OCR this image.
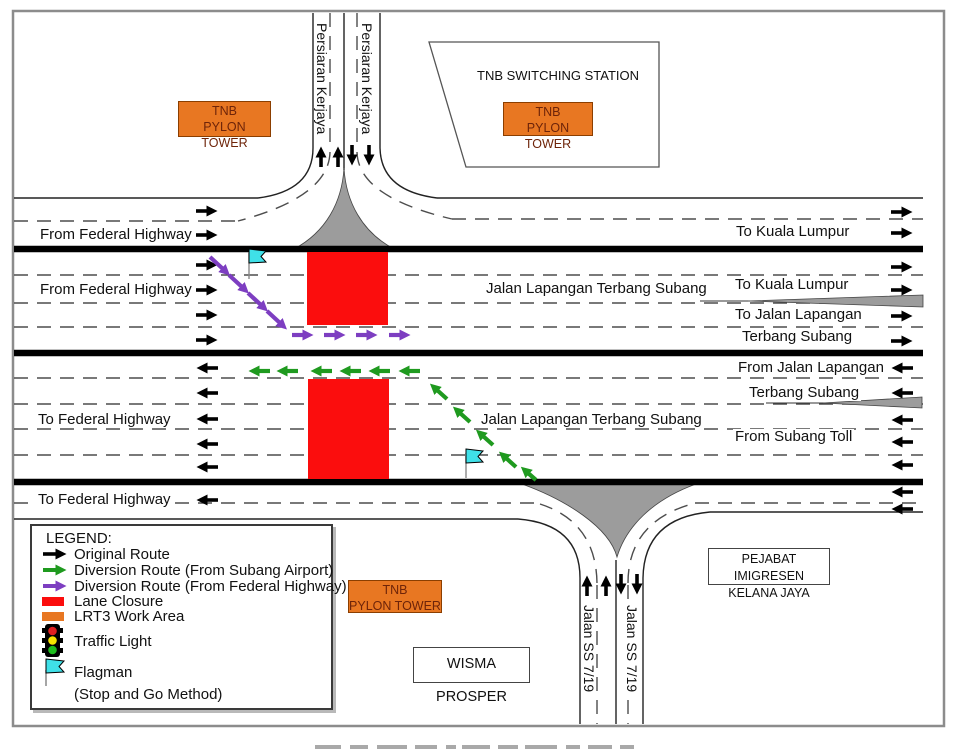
Persiaran Kerjaya Persiaran Kerjaya	TNB SWITCHING STATION
TNB
PYLON TOWER
TNB
PYLON TOWER
TNB
PYLON TOWER
From Federal Highway
From Federal Highway	Jalan Lapangan Terbang Subang
To Kuala Lumpur
To Kuala Lumpur
To Jalan Lapangan
Terbang Subang
From Jalan Lapangan
Terbang Subang
Jalan Lapangan Terbang Subang
From Subang Toll
To Federal Highway
To Federal Highway
Jalan SS 7/19 Jalan SS 7/19
PEJABAT IMIGRESEN
KELANA JAYA
WISMA PROSPER
LEGEND:
Original Route
Diversion Route (From Subang Airport)
Diversion Route (From Federal Highway)
Lane Closure
LRT3 Work Area
Traffic Light
Flagman
(Stop and Go Method)
